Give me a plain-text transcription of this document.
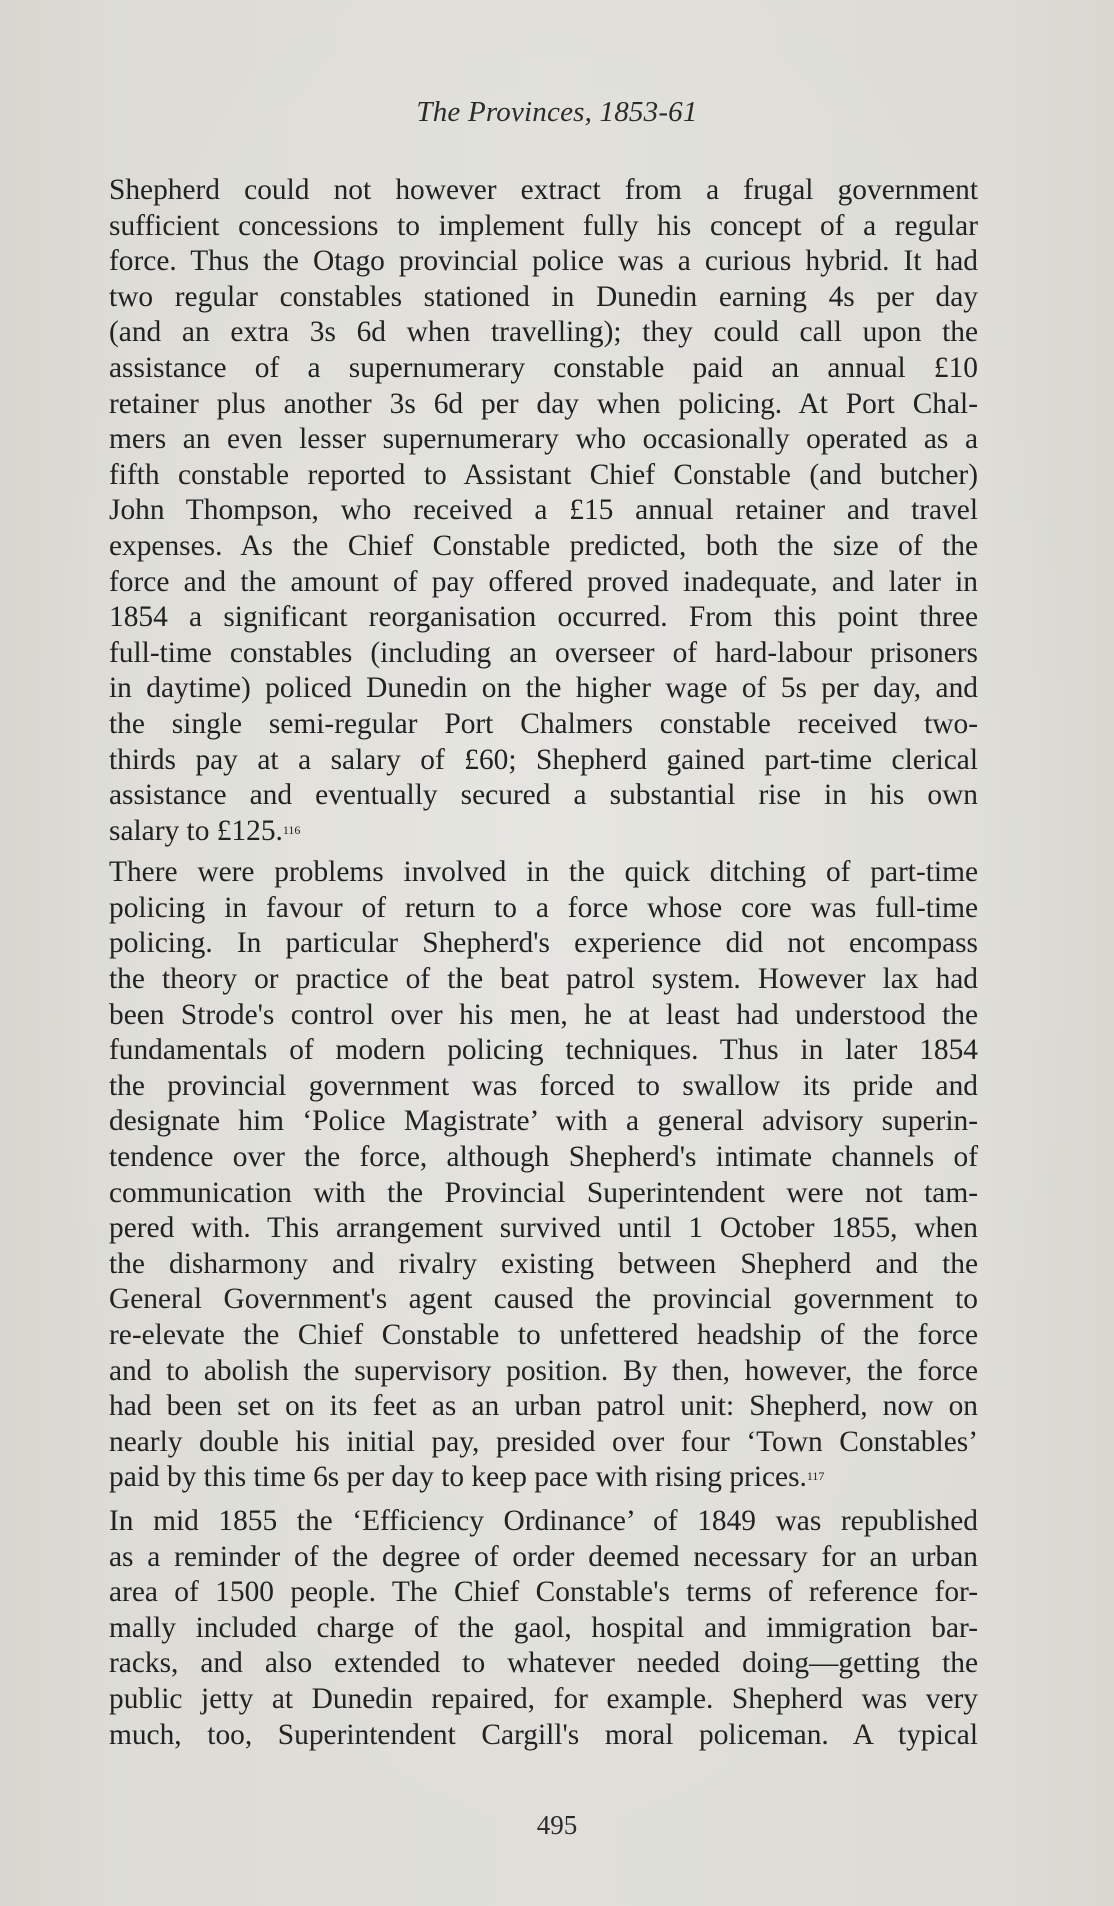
The Provinces, 1853-61
Shepherd could not however extract from a frugal government
sufficient concessions to implement fully his concept of a regular
force. Thus the Otago provincial police was a curious hybrid. It had
two regular constables stationed in Dunedin earning 4s per day
(and an extra 3s 6d when travelling); they could call upon the
assistance of a supernumerary constable paid an annual £10
retainer plus another 3s 6d per day when policing. At Port Chal-
mers an even lesser supernumerary who occasionally operated as a
fifth constable reported to Assistant Chief Constable (and butcher)
John Thompson, who received a £15 annual retainer and travel
expenses. As the Chief Constable predicted, both the size of the
force and the amount of pay offered proved inadequate, and later in
1854 a significant reorganisation occurred. From this point three
full-time constables (including an overseer of hard-labour prisoners
in daytime) policed Dunedin on the higher wage of 5s per day, and
the single semi-regular Port Chalmers constable received two-
thirds pay at a salary of £60; Shepherd gained part-time clerical
assistance and eventually secured a substantial rise in his own
salary to £125.$^{116}$
There were problems involved in the quick ditching of part-time
policing in favour of return to a force whose core was full-time
policing. In particular Shepherd's experience did not encompass
the theory or practice of the beat patrol system. However lax had
been Strode's control over his men, he at least had understood the
fundamentals of modern policing techniques. Thus in later 1854
the provincial government was forced to swallow its pride and
designate him ‘Police Magistrate’ with a general advisory superin-
tendence over the force, although Shepherd's intimate channels of
communication with the Provincial Superintendent were not tam-
pered with. This arrangement survived until 1 October 1855, when
the disharmony and rivalry existing between Shepherd and the
General Government's agent caused the provincial government to
re-elevate the Chief Constable to unfettered headship of the force
and to abolish the supervisory position. By then, however, the force
had been set on its feet as an urban patrol unit: Shepherd, now on
nearly double his initial pay, presided over four ‘Town Constables’
paid by this time 6s per day to keep pace with rising prices.$^{117}$
In mid 1855 the ‘Efficiency Ordinance’ of 1849 was republished
as a reminder of the degree of order deemed necessary for an urban
area of 1500 people. The Chief Constable's terms of reference for-
mally included charge of the gaol, hospital and immigration bar-
racks, and also extended to whatever needed doing—getting the
public jetty at Dunedin repaired, for example. Shepherd was very
much, too, Superintendent Cargill's moral policeman. A typical
495
